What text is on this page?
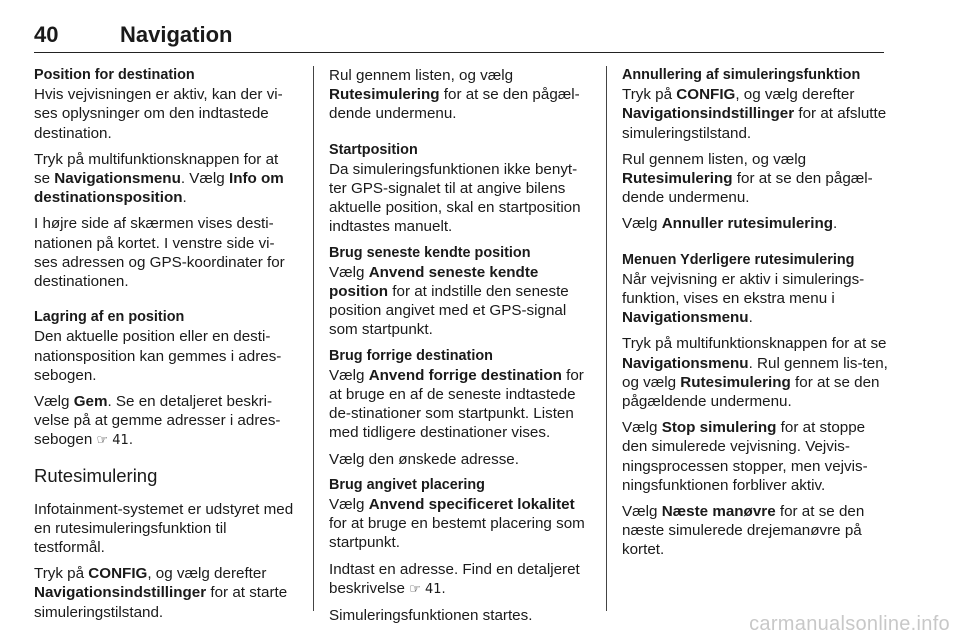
40	Navigation
Position for destination

Hvis vejvisningen er aktiv, kan der vi-ses oplysninger om den indtastede destination.

Tryk på multifunktionsknappen for at se Navigationsmenu. Vælg Info om destinationsposition.

I højre side af skærmen vises desti-nationen på kortet. I venstre side vi-ses adressen og GPS-koordinater for destinationen.

Lagring af en position

Den aktuelle position eller en desti-nationsposition kan gemmes i adres-sebogen.

Vælg Gem. Se en detaljeret beskri-velse på at gemme adresser i adres-sebogen ☞ 41.

Rutesimulering

Infotainment-systemet er udstyret med en rutesimuleringsfunktion til testformål.

Tryk på CONFIG, og vælg derefter Navigationsindstillinger for at starte simuleringstilstand.

Rul gennem listen, og vælg Rutesimulering for at se den pågæl-dende undermenu.

Startposition

Da simuleringsfunktionen ikke benyt-ter GPS-signalet til at angive bilens aktuelle position, skal en startposition indtastes manuelt.

Brug seneste kendte position

Vælg Anvend seneste kendte position for at indstille den seneste position angivet med et GPS-signal som startpunkt.

Brug forrige destination

Vælg Anvend forrige destination for at bruge en af de seneste indtastede de-stinationer som startpunkt. Listen med tidligere destinationer vises.

Vælg den ønskede adresse.

Brug angivet placering

Vælg Anvend specificeret lokalitet for at bruge en bestemt placering som startpunkt.

Indtast en adresse. Find en detaljeret beskrivelse ☞ 41.

Simuleringsfunktionen startes.

Annullering af simuleringsfunktion

Tryk på CONFIG, og vælg derefter Navigationsindstillinger for at afslutte simuleringstilstand.

Rul gennem listen, og vælg Rutesimulering for at se den pågæl-dende undermenu.

Vælg Annuller rutesimulering.

Menuen Yderligere rutesimulering

Når vejvisning er aktiv i simulerings-funktion, vises en ekstra menu i Navigationsmenu.

Tryk på multifunktionsknappen for at se Navigationsmenu. Rul gennem lis-ten, og vælg Rutesimulering for at se den pågældende undermenu.

Vælg Stop simulering for at stoppe den simulerede vejvisning. Vejvis-ningsprocessen stopper, men vejvis-ningsfunktionen forbliver aktiv.

Vælg Næste manøvre for at se den næste simulerede drejemanøvre på kortet.

carmanualsonline.info
